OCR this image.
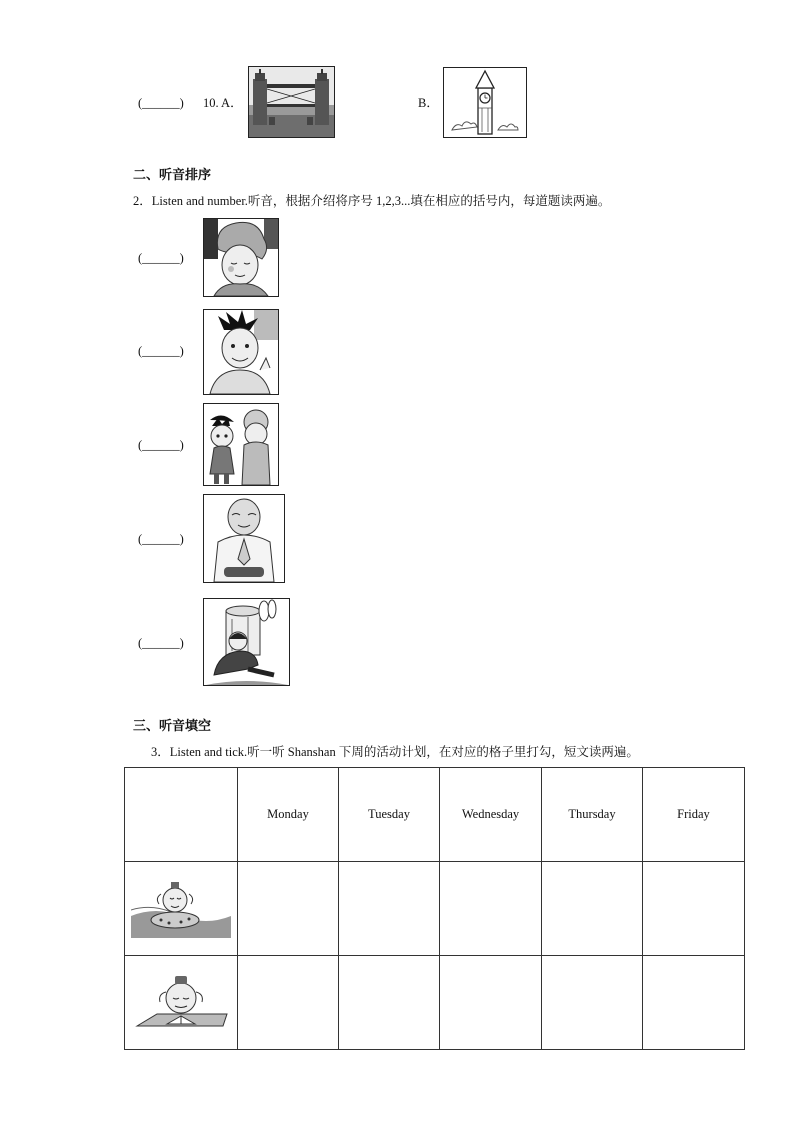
(______) 10. A．	B．
二、听音排序
2．Listen and number.听音，根据介绍将序号 1,2,3...填在相应的括号内，每道题读两遍。
(______)
(______)
(______)
(______)
(______)
三、听音填空
3．Listen and tick.听一听 Shanshan 下周的活动计划，在对应的格子里打勾，短文读两遍。
	Monday	Tuesday	Wednesday	Thursday	Friday
